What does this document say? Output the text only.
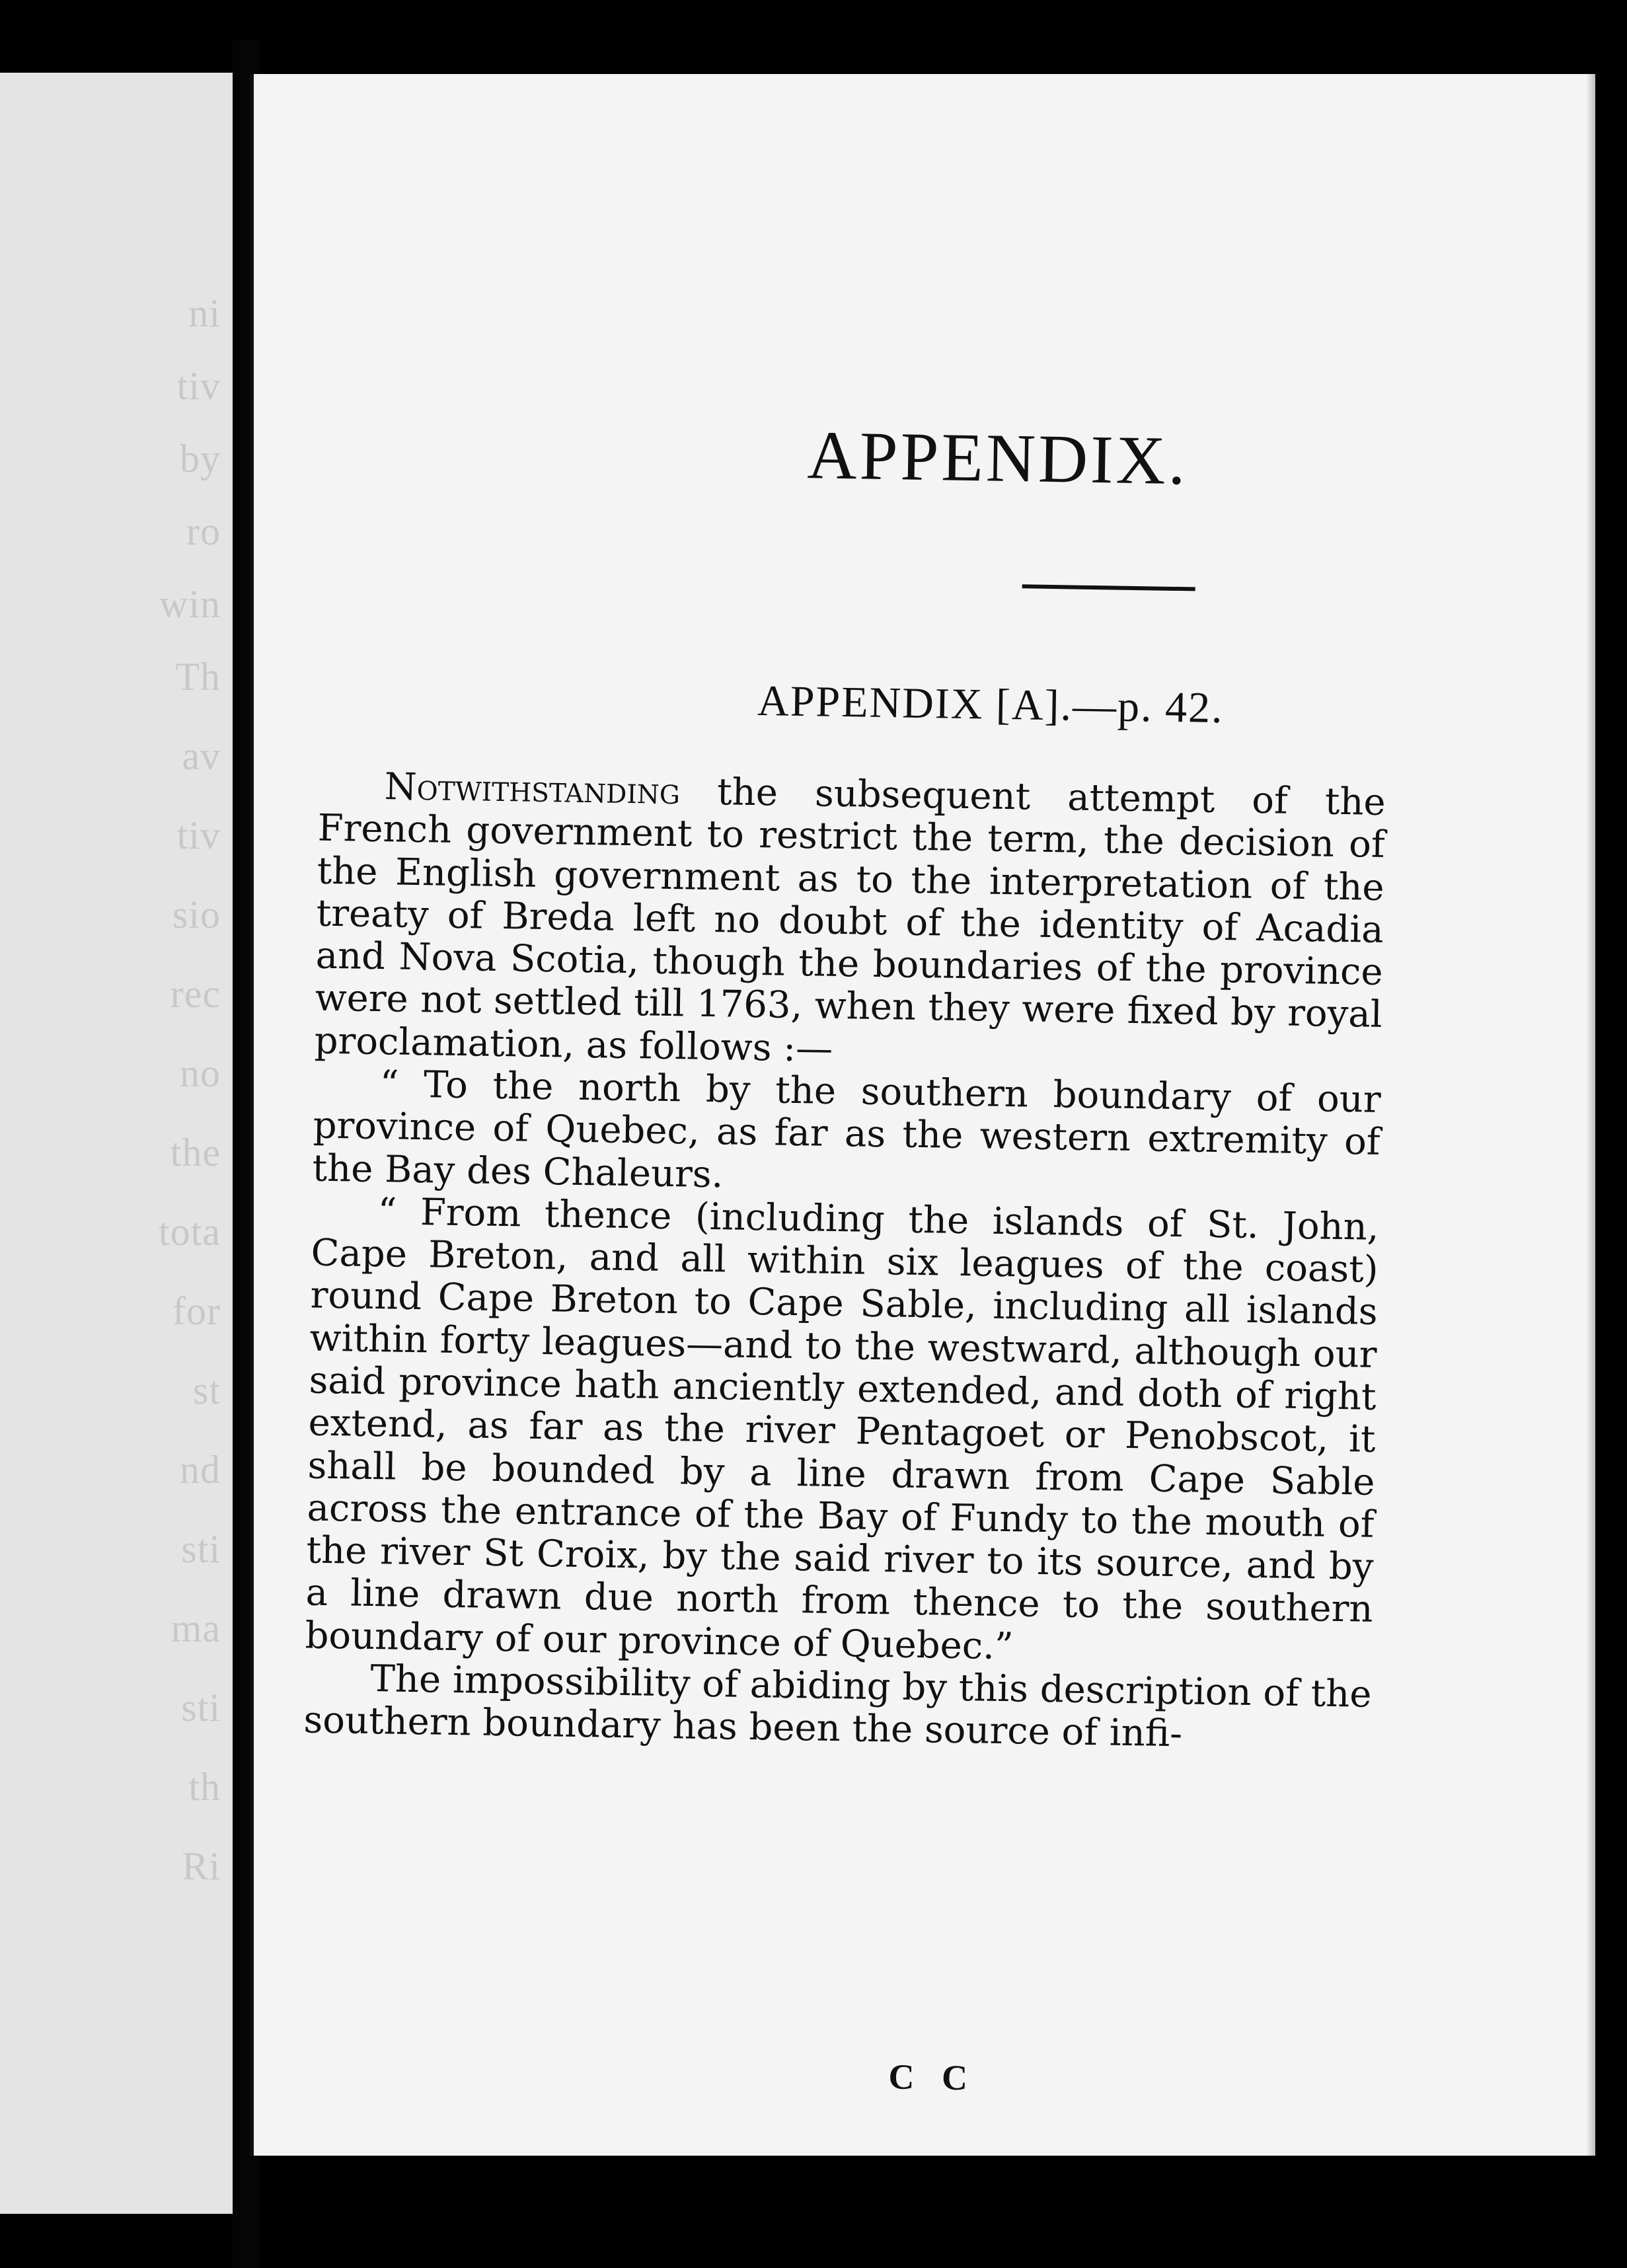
ni
tiv
by
ro
win
Th
av
tiv
sio
rec
no
the
tota
for
st
nd
sti
ma
sti
th
Ri
APPENDIX.
APPENDIX [A].—p. 42.

Notwithstanding the subsequent attempt of the French government to restrict the term, the decision of the English government as to the interpretation of the treaty of Breda left no doubt of the identity of Acadia and Nova Scotia, though the boundaries of the province were not settled till 1763, when they were fixed by royal proclamation, as follows :—

“ To the north by the southern boundary of our province of Quebec, as far as the western extremity of the Bay des Chaleurs.

“ From thence (including the islands of St. John, Cape Breton, and all within six leagues of the coast) round Cape Breton to Cape Sable, including all islands within forty leagues—and to the westward, although our said province hath anciently extended, and doth of right extend, as far as the river Pentagoet or Penobscot, it shall be bounded by a line drawn from Cape Sable across the entrance of the Bay of Fundy to the mouth of the river St Croix, by the said river to its source, and by a line drawn due north from thence to the southern boundary of our province of Quebec.”

The impossibility of abiding by this description of the southern boundary has been the source of infi-

C C
